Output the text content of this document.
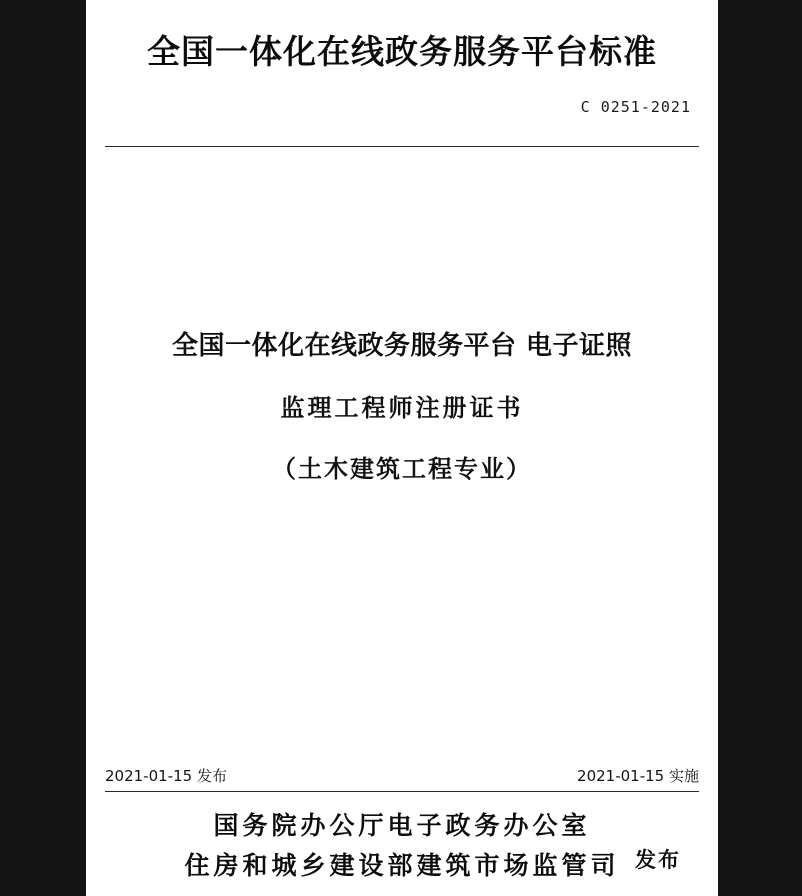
全国一体化在线政务服务平台标准
C 0251-2021
全国一体化在线政务服务平台 电子证照
监理工程师注册证书
（土木建筑工程专业）
2021-01-15 发布	2021-01-15 实施
国务院办公厅电子政务办公室
住房和城乡建设部建筑市场监管司 发布
